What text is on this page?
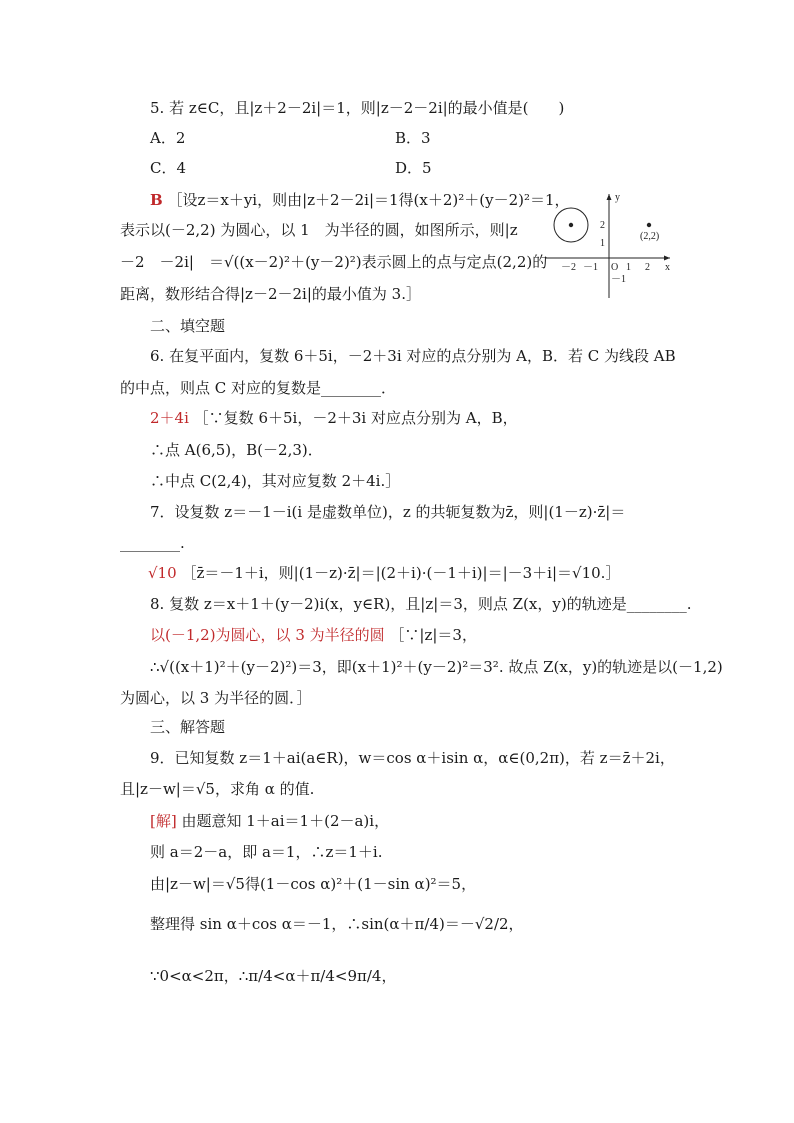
5. 若 z∈C，且|z＋2－2i|＝1，则|z－2－2i|的最小值是(　　)
A．2	B．3
C．4	D．5
B ［设z＝x＋yi，则由|z＋2－2i|＝1得(x＋2)²＋(y－2)²＝1，
表示以(－2,2) 为圆心，以 1　为半径的圆，如图所示，则|z
－2　－2i|　＝√((x－2)²＋(y－2)²)表示圆上的点与定点(2,2)的
距离，数形结合得|z－2－2i|的最小值为 3.］
y
x
2
1
－1
－2 －1 O 1 2
(2,2)
二、填空题
6. 在复平面内，复数 6＋5i，－2＋3i 对应的点分别为 A，B．若 C 为线段 AB
的中点，则点 C 对应的复数是________．
2＋4i ［∵复数 6＋5i，－2＋3i 对应点分别为 A，B，
∴点 A(6,5)，B(－2,3)．
∴中点 C(2,4)，其对应复数 2＋4i.］
7．设复数 z＝－1－i(i 是虚数单位)，z 的共轭复数为z̄，则|(1－z)·z̄|＝
________.
√10 ［z̄＝－1＋i，则|(1－z)·z̄|＝|(2＋i)·(－1＋i)|＝|－3＋i|＝√10.］
8. 复数 z＝x＋1＋(y－2)i(x，y∈R)，且|z|＝3，则点 Z(x，y)的轨迹是________.
以(－1,2)为圆心，以 3 为半径的圆 ［∵|z|＝3，
∴√((x＋1)²＋(y－2)²)＝3，即(x＋1)²＋(y－2)²＝3². 故点 Z(x，y)的轨迹是以(－1,2)
为圆心，以 3 为半径的圆．］
三、解答题
9．已知复数 z＝1＋ai(a∈R)，w＝cos α＋isin α，α∈(0,2π)，若 z＝z̄＋2i，
且|z－w|＝√5，求角 α 的值.
[解] 由题意知 1＋ai＝1＋(2－a)i，
则 a＝2－a，即 a＝1，∴z＝1＋i.
由|z－w|＝√5得(1－cos α)²＋(1－sin α)²＝5，
整理得 sin α＋cos α＝－1，∴sin(α＋π/4)＝－√2/2，
∵0<α<2π，∴π/4<α＋π/4<9π/4，
